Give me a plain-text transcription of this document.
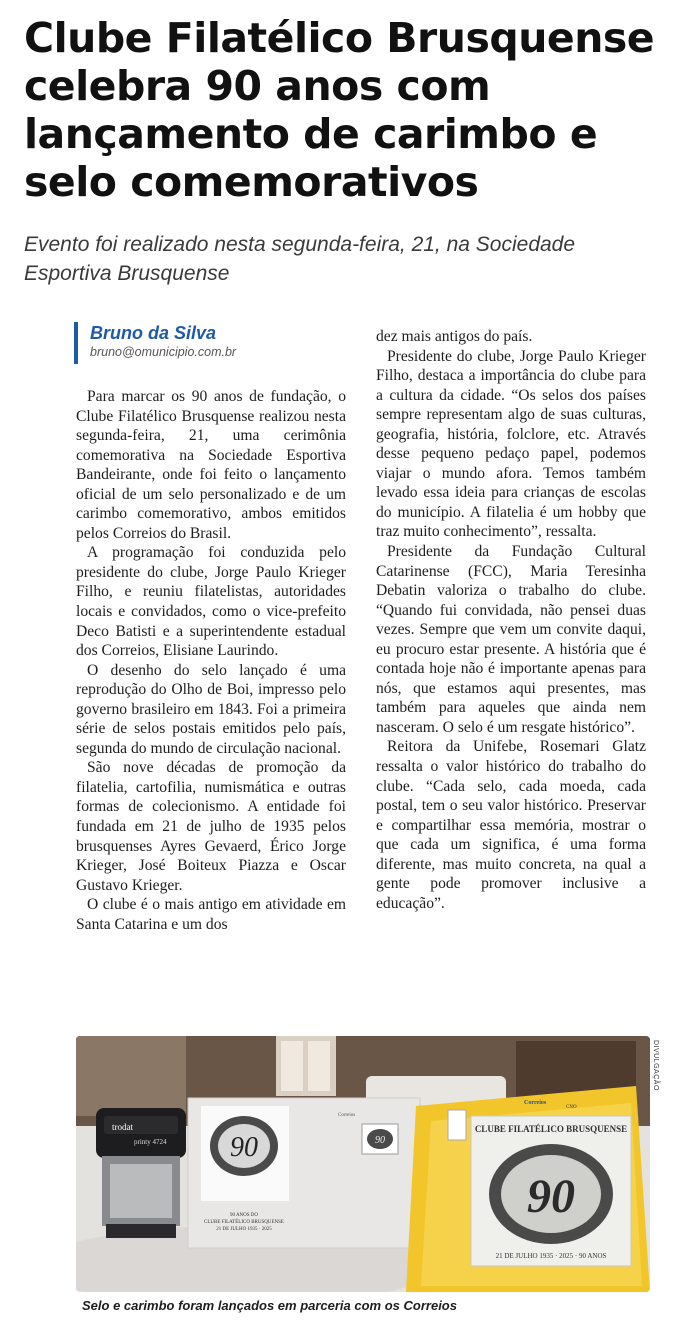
Clube Filatélico Brusquense celebra 90 anos com lançamento de carimbo e selo comemorativos

Evento foi realizado nesta segunda-feira, 21, na Sociedade Esportiva Brusquense

Bruno da Silva
bruno@omunicipio.com.br

Para marcar os 90 anos de fundação, o Clube Filatélico Brusquense realizou nesta segunda-feira, 21, uma cerimônia comemorativa na Sociedade Esportiva Bandeirante, onde foi feito o lançamento oficial de um selo personalizado e de um carimbo comemorativo, ambos emitidos pelos Correios do Brasil.

A programação foi conduzida pelo presidente do clube, Jorge Paulo Krieger Filho, e reuniu filatelistas, autoridades locais e convidados, como o vice-prefeito Deco Batisti e a superintendente estadual dos Correios, Elisiane Laurindo.

O desenho do selo lançado é uma reprodução do Olho de Boi, impresso pelo governo brasileiro em 1843. Foi a primeira série de selos postais emitidos pelo país, segunda do mundo de circulação nacional.

São nove décadas de promoção da filatelia, cartofilia, numismática e outras formas de colecionismo. A entidade foi fundada em 21 de julho de 1935 pelos brusquenses Ayres Gevaerd, Érico Jorge Krieger, José Boiteux Piazza e Oscar Gustavo Krieger.

O clube é o mais antigo em atividade em Santa Catarina e um dos

dez mais antigos do país.

Presidente do clube, Jorge Paulo Krieger Filho, destaca a importância do clube para a cultura da cidade. “Os selos dos países sempre representam algo de suas culturas, geografia, história, folclore, etc. Através desse pequeno pedaço papel, podemos viajar o mundo afora. Temos também levado essa ideia para crianças de escolas do município. A filatelia é um hobby que traz muito conhecimento”, ressalta.

Presidente da Fundação Cultural Catarinense (FCC), Maria Teresinha Debatin valoriza o trabalho do clube. “Quando fui convidada, não pensei duas vezes. Sempre que vem um convite daqui, eu procuro estar presente. A história que é contada hoje não é importante apenas para nós, que estamos aqui presentes, mas também para aqueles que ainda nem nasceram. O selo é um resgate histórico”.

Reitora da Unifebe, Rosemari Glatz ressalta o valor histórico do trabalho do clube. “Cada selo, cada moeda, cada postal, tem o seu valor histórico. Preservar e compartilhar essa memória, mostrar o que cada um significa, é uma forma diferente, mas muito concreta, na qual a gente pode promover inclusive a educação”.

trodat
printy 4724 90
90 ANOS DO
CLUBE FILATÉLICO BRUSQUENSE
21 DE JULHO 1935 · 2025
Correios
90
Correios
CNO
CLUBE FILATÉLICO BRUSQUENSE
90
21 DE JULHO 1935 · 2025 · 90 ANOS
DIVULGAÇÃO
Selo e carimbo foram lançados em parceria com os Correios
